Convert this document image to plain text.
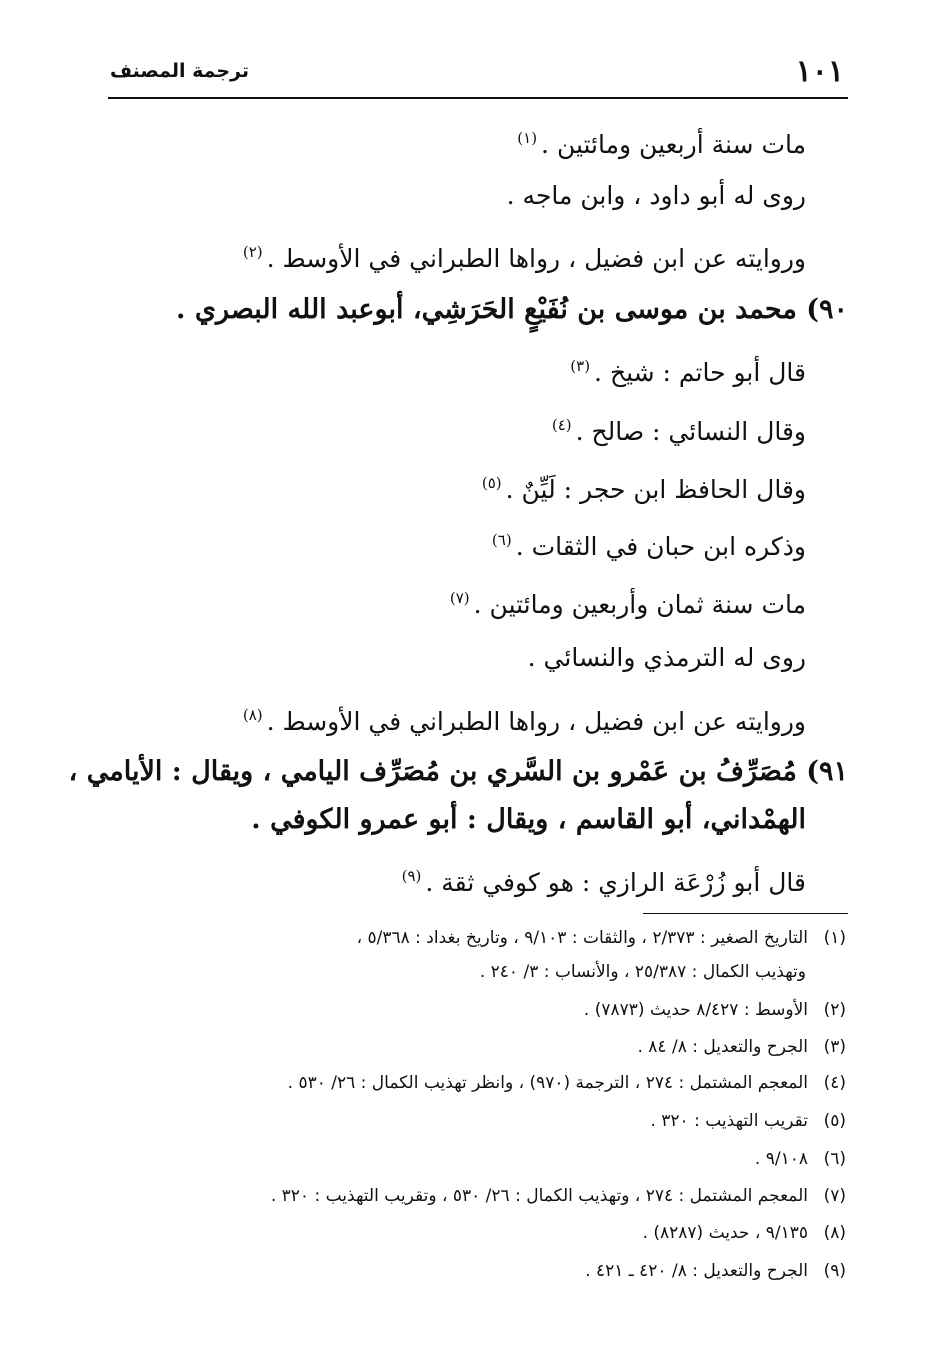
١٠١
ترجمة المصنف
مات سنة أربعين ومائتين .$^{(١)}$
روى له أبو داود ، وابن ماجه .
وروايته عن ابن فضيل ، رواها الطبراني في الأوسط .$^{(٢)}$
٩٠) محمد بن موسى بن نُفَيْعٍ الحَرَشِي، أبوعبد الله البصري .
قال أبو حاتم : شيخ .$^{(٣)}$
وقال النسائي : صالح .$^{(٤)}$
وقال الحافظ ابن حجر : لَيِّنٌ .$^{(٥)}$
وذكره ابن حبان في الثقات .$^{(٦)}$
مات سنة ثمان وأربعين ومائتين .$^{(٧)}$
روى له الترمذي والنسائي .
وروايته عن ابن فضيل ، رواها الطبراني في الأوسط .$^{(٨)}$
٩١) مُصَرِّفُ بن عَمْرو بن السَّري بن مُصَرِّف اليامي ، ويقال : الأيامي ،
الهمْداني، أبو القاسم ، ويقال : أبو عمرو الكوفي .
قال أبو زُرْعَة الرازي : هو كوفي ثقة .$^{(٩)}$
(١)التاريخ الصغير : ٢/٣٧٣ ، والثقات : ٩/١٠٣ ، وتاريخ بغداد : ٥/٣٦٨ ،
وتهذيب الكمال : ٢٥/٣٨٧ ، والأنساب : ٣/ ٢٤٠ .
(٢)الأوسط : ٨/٤٢٧ حديث (٧٨٧٣) .
(٣)الجرح والتعديل : ٨/ ٨٤ .
(٤)المعجم المشتمل : ٢٧٤ ، الترجمة (٩٧٠) ، وانظر تهذيب الكمال : ٢٦/ ٥٣٠ .
(٥)تقريب التهذيب : ٣٢٠ .
(٦)٩/١٠٨ .
(٧)المعجم المشتمل : ٢٧٤ ، وتهذيب الكمال : ٢٦/ ٥٣٠ ، وتقريب التهذيب : ٣٢٠ .
(٨)٩/١٣٥ ، حديث (٨٢٨٧) .
(٩)الجرح والتعديل : ٨/ ٤٢٠ ـ ٤٢١ .
